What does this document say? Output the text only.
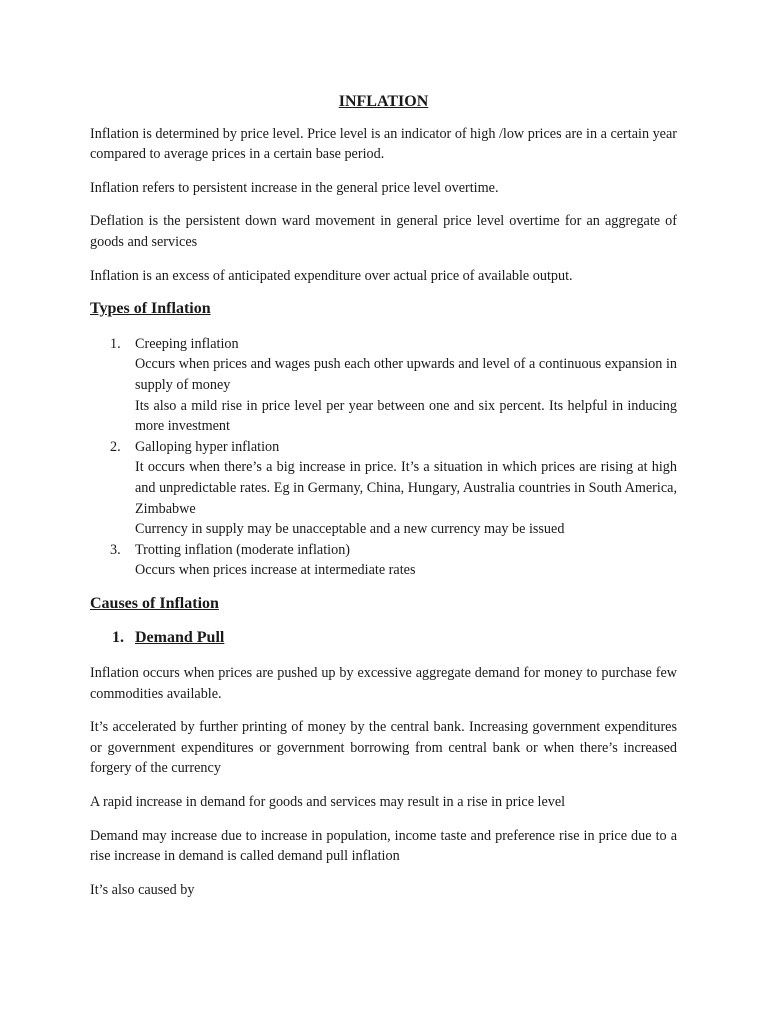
INFLATION

Inflation is determined by price level. Price level is an indicator of high /low prices are in a certain year compared to average prices in a certain base period.

Inflation refers to persistent increase in the general price level overtime.

Deflation is the persistent down ward movement in general price level overtime for an aggregate of goods and services

Inflation is an excess of anticipated expenditure over actual price of available output.

Types of Inflation
1. Creeping inflation
Occurs when prices and wages push each other upwards and level of a continuous expansion in supply of money
Its also a mild rise in price level per year between one and six percent. Its helpful in inducing more investment
2. Galloping hyper inflation
It occurs when there’s a big increase in price. It’s a situation in which prices are rising at high and unpredictable rates. Eg in Germany, China, Hungary, Australia countries in South America, Zimbabwe
Currency in supply may be unacceptable and a new currency may be issued
3. Trotting inflation (moderate inflation)
Occurs when prices increase at intermediate rates
Causes of Inflation
1. Demand Pull

Inflation occurs when prices are pushed up by excessive aggregate demand for money to purchase few commodities available.

It’s accelerated by further printing of money by the central bank. Increasing government expenditures or government expenditures or government borrowing from central bank or when there’s increased forgery of the currency

A rapid increase in demand for goods and services may result in a rise in price level

Demand may increase due to increase in population, income taste and preference rise in price due to a rise increase in demand is called demand pull inflation

It’s also caused by
